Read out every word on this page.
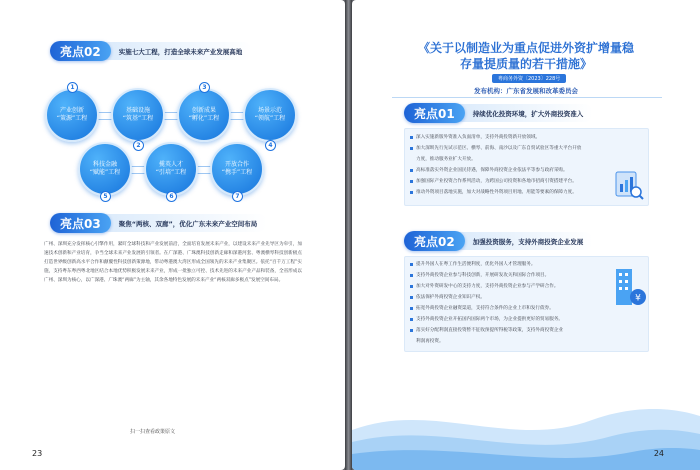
亮点02	实施七大工程，打造全球未来产业发展高地
产业创新
“策源”工程
1
基础设施
“筑基”工程
2
创新成果
“孵化”工程
3
场景示范
“领航”工程
4
科技金融
“赋能”工程
5
揽英人才
“引培”工程
6
开放合作
“携手”工程
7
亮点03	聚焦“两核、双廊”，优化广东未来产业空间布局

广州、深圳充分发挥核心引擎作用，紧盯全球科技和产业发展前沿，全面培育发展未来产业，以建设未来产业先导区为牵引，加速技术创新和产业培育，争当全球未来产业发展的引领者。在广深港、广珠澳科技创新走廊和深港河套、粤澳横琴科技创新极点打造世界级创新高水平合作和颠覆性科技创新策源地，带动粤港澳大湾区形成全国领先的未来产业集聚区。依托“百千万工程”实施，支持粤东粤西粤北地区结合本地优势积极发展未来产业，形成一批独立可控、技术先进的未来产业产品和装备，全省形成以广州、深圳为核心，以广深港、广珠澳“两廊”为主轴，其余各地特色发展的未来产业“两核双廊多极点”发展空间布局。

扫一扫查看政策原文
23
《关于以制造业为重点促进外资扩增量稳
存量提质量的若干措施》
粤商务外资〔2023〕228号
发布机构：广东省发展和改革委员会
亮点01	持续优化投资环境，扩大外商投资准入
深入实施新版外资准入负面清单，支持外商投资新开放领域。
加大深圳先行先试示范区、横琴、前海、南沙以及广东自贸试验区等重大平台开放
力度，推动服务业扩大开放。
高标准落实外资企业国民待遇，保障外商投资企业依法平等参与政府采购。
加强国际产业投资合作系列活动，为跨国公司投资和各地市招商引资搭建平台。
推动外资项目落地实施，加大对战略性外资项目用地、用能等要素的保障力度。
亮点02	加强投资服务，支持外商投资企业发展
提升外国人在粤工作生活便利度，优化外国人才管理服务。
支持外商投资企业参与科技创新，开展研发攻关和国际合作项目。
加大对外资研发中心的支持力度，支持外商投资企业参与产学研合作。
依法保护外商投资企业知识产权。
拓宽外商投资企业融资渠道，支持符合条件的企业上市和发行债券。
支持外商投资企业开拓国内国际两个市场，为企业提供更好的贸易服务。
落实好分配利润直接投资暂不征收预提所得税等政策，支持外商投资企业
利润再投资。
¥
24
